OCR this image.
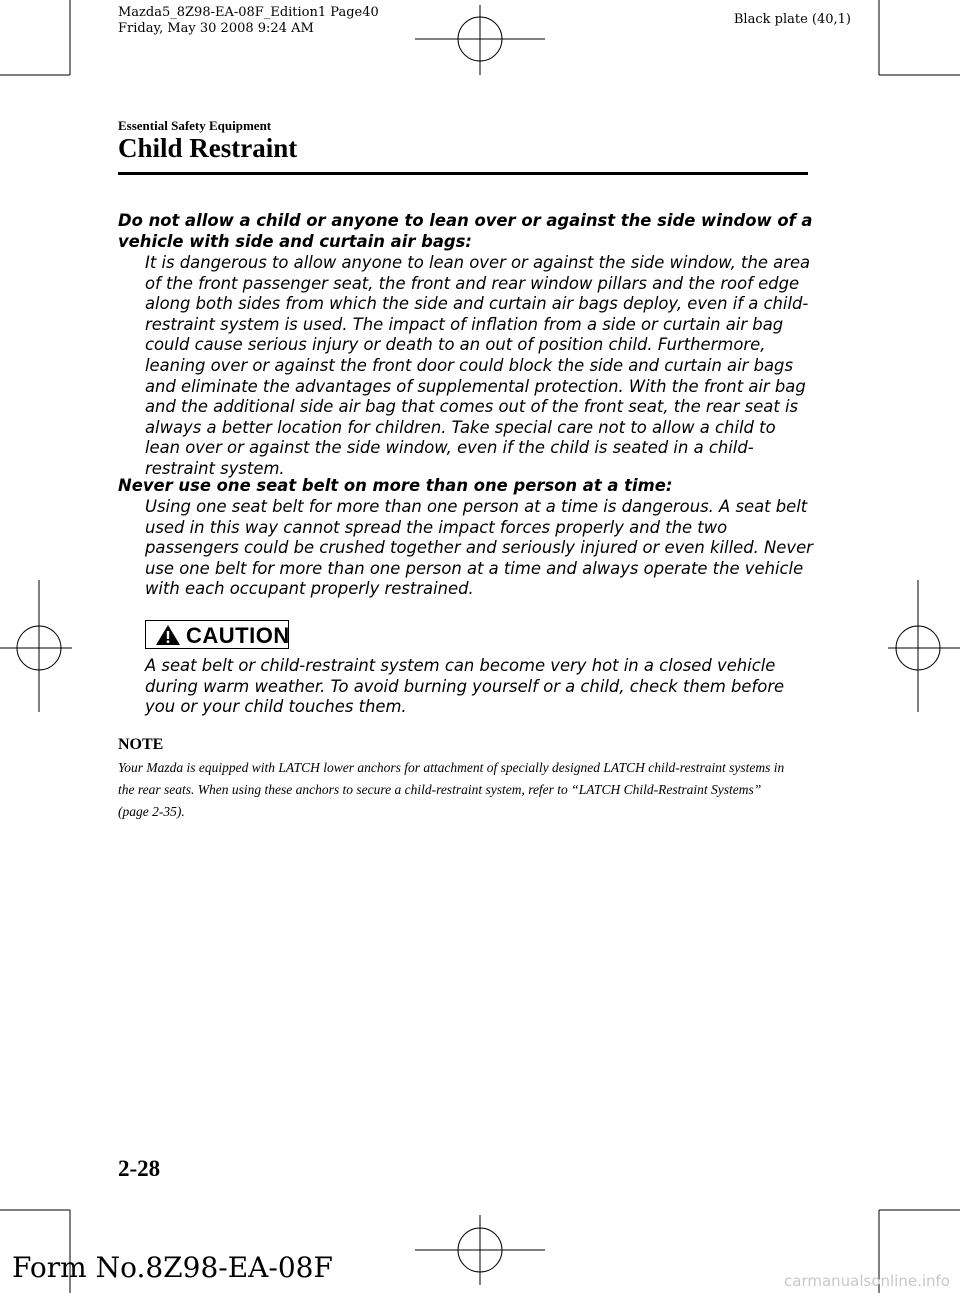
Mazda5_8Z98-EA-08F_Edition1 Page40
Friday, May 30 2008 9:24 AM
Black plate (40,1)
Essential Safety Equipment
Child Restraint
Do not allow a child or anyone to lean over or against the side window of a vehicle with side and curtain air bags:
It is dangerous to allow anyone to lean over or against the side window, the area of the front passenger seat, the front and rear window pillars and the roof edge along both sides from which the side and curtain air bags deploy, even if a child-restraint system is used. The impact of inflation from a side or curtain air bag could cause serious injury or death to an out of position child. Furthermore, leaning over or against the front door could block the side and curtain air bags and eliminate the advantages of supplemental protection. With the front air bag and the additional side air bag that comes out of the front seat, the rear seat is always a better location for children. Take special care not to allow a child to lean over or against the side window, even if the child is seated in a child-restraint system.
Never use one seat belt on more than one person at a time:
Using one seat belt for more than one person at a time is dangerous. A seat belt used in this way cannot spread the impact forces properly and the two passengers could be crushed together and seriously injured or even killed. Never use one belt for more than one person at a time and always operate the vehicle with each occupant properly restrained.
CAUTION
A seat belt or child-restraint system can become very hot in a closed vehicle during warm weather. To avoid burning yourself or a child, check them before you or your child touches them.
NOTE
Your Mazda is equipped with LATCH lower anchors for attachment of specially designed LATCH child-restraint systems in the rear seats. When using these anchors to secure a child-restraint system, refer to “LATCH Child-Restraint Systems” (page 2-35).
2-28
Form No.8Z98-EA-08F	carmanualsonline.info
